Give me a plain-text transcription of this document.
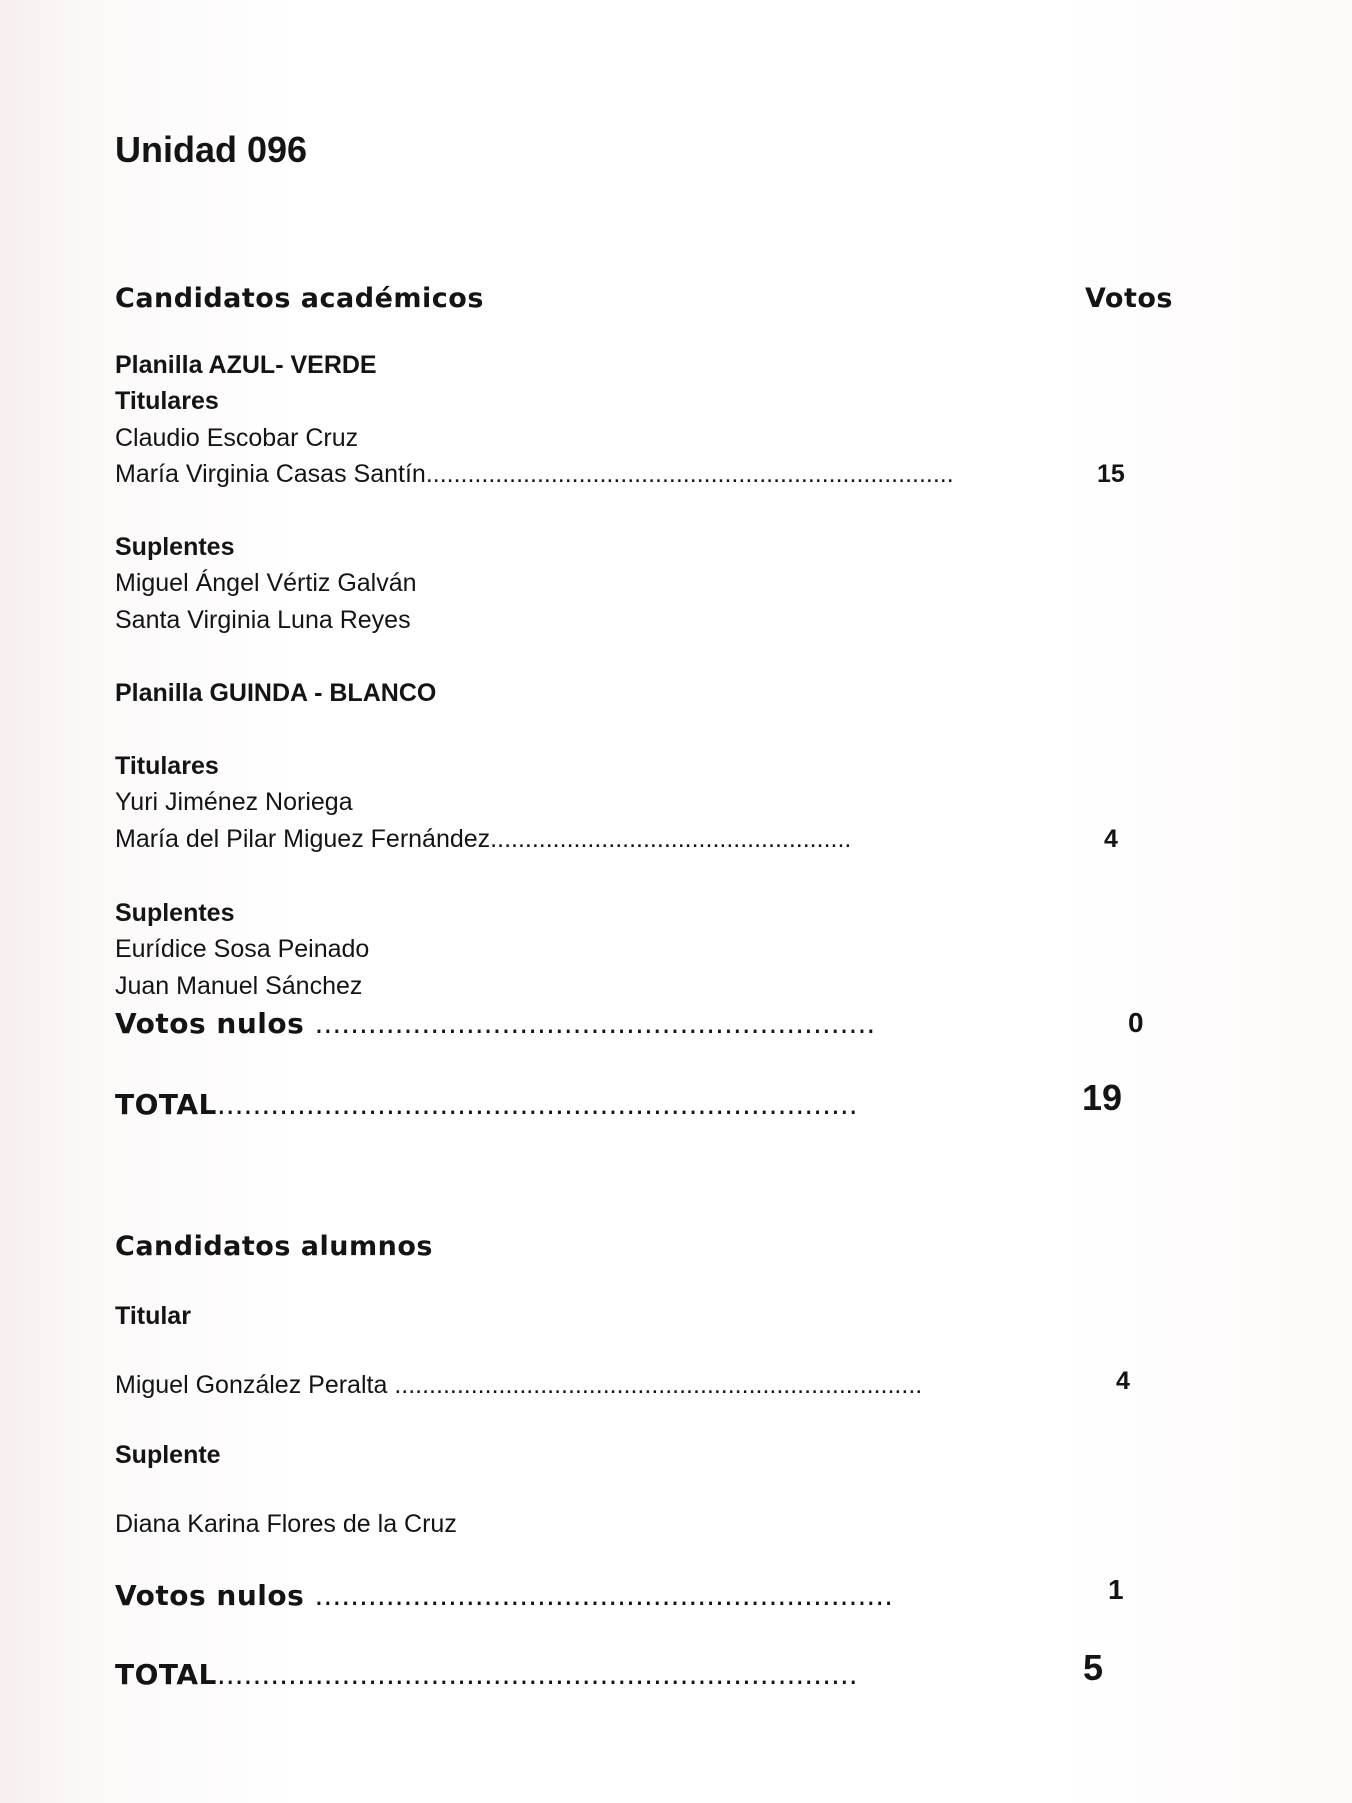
Unidad 096
Candidatos académicos	Votos
Planilla AZUL- VERDE
Titulares
Claudio Escobar Cruz
María Virginia Casas Santín............................................................................	15
Suplentes
Miguel Ángel Vértiz Galván
Santa Virginia Luna Reyes
Planilla GUINDA - BLANCO
Titulares
Yuri Jiménez Noriega
María del Pilar Miguez Fernández....................................................	4
Suplentes
Eurídice Sosa Peinado
Juan Manuel Sánchez
Votos nulos ...............................................................	0
TOTAL........................................................................	19
Candidatos alumnos
Titular
Miguel González Peralta ............................................................................	4
Suplente
Diana Karina Flores de la Cruz
Votos nulos .................................................................	1
TOTAL........................................................................	5
